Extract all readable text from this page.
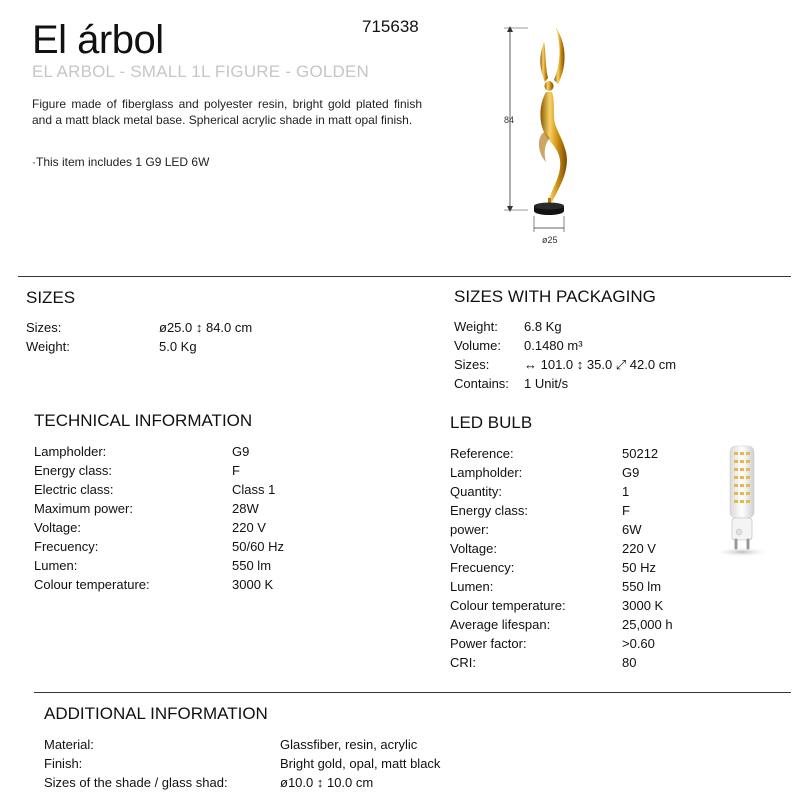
El árbol	715638
EL ARBOL - SMALL 1L FIGURE - GOLDEN
Figure made of fiberglass and polyester resin, bright gold plated finish and a matt black metal base. Spherical acrylic shade in matt opal finish.
·This item includes 1 G9 LED 6W
84
ø25
SIZES
Sizes:	ø25.0 ↕ 84.0 cm
Weight:	5.0 Kg
SIZES WITH PACKAGING
Weight: 6.8 Kg
Volume: 0.1480 m³
Sizes:	↔ 101.0 ↕ 35.0 ⤢ 42.0 cm
Contains: 1 Unit/s
TECHNICAL INFORMATION
Lampholder:	G9
Energy class:	F
Electric class:	Class 1
Maximum power:	28W
Voltage:	220 V
Frecuency:	50/60 Hz
Lumen:	550 lm
Colour temperature:	3000 K
LED BULB
Reference:	50212
Lampholder:	G9
Quantity:	1
Energy class:	F
power:	6W
Voltage:	220 V
Frecuency:	50 Hz
Lumen:	550 lm
Colour temperature:	3000 K
Average lifespan:	25,000 h
Power factor:	>0.60
CRI:	80
ADDITIONAL INFORMATION
Material:	Glassfiber, resin, acrylic
Finish:	Bright gold, opal, matt black
Sizes of the shade / glass shad:	ø10.0 ↕ 10.0 cm
